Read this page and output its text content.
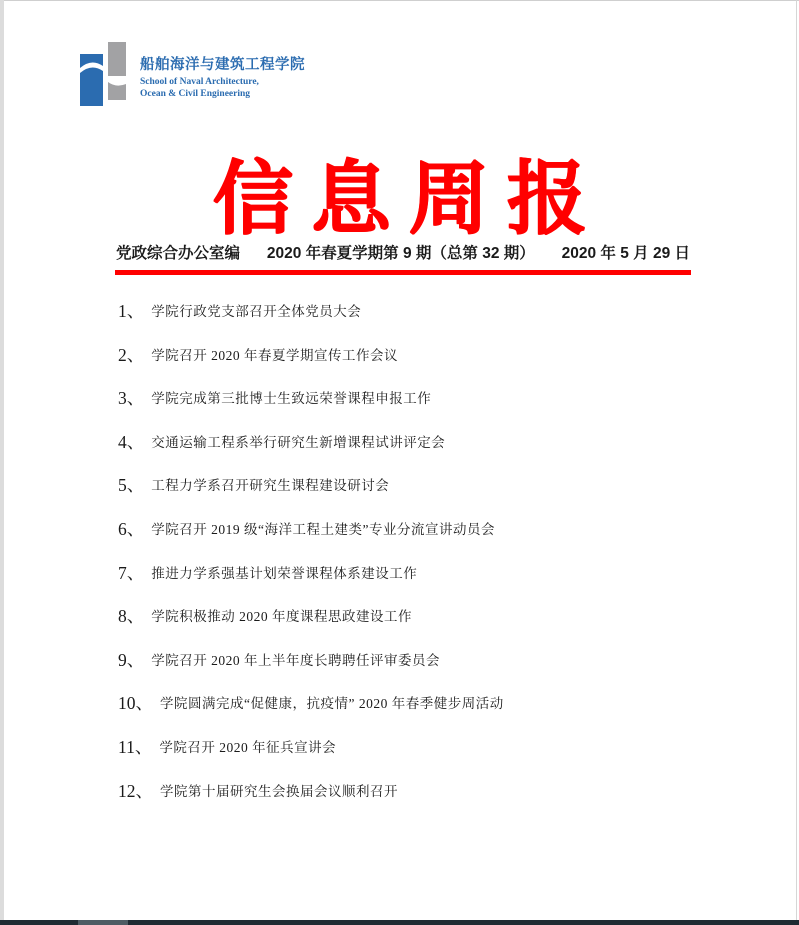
船舶海洋与建筑工程学院
School of Naval Architecture,
Ocean & Civil Engineering
信息周报
党政综合办公室编 2020 年春夏学期第 9 期（总第 32 期） 2020 年 5 月 29 日
1、 学院行政党支部召开全体党员大会
2、 学院召开 2020 年春夏学期宣传工作会议
3、 学院完成第三批博士生致远荣誉课程申报工作
4、 交通运输工程系举行研究生新增课程试讲评定会
5、 工程力学系召开研究生课程建设研讨会
6、 学院召开 2019 级“海洋工程土建类”专业分流宣讲动员会
7、 推进力学系强基计划荣誉课程体系建设工作
8、 学院积极推动 2020 年度课程思政建设工作
9、 学院召开 2020 年上半年度长聘聘任评审委员会
10、 学院圆满完成“促健康，抗疫情” 2020 年春季健步周活动
11、 学院召开 2020 年征兵宣讲会
12、 学院第十届研究生会换届会议顺利召开
